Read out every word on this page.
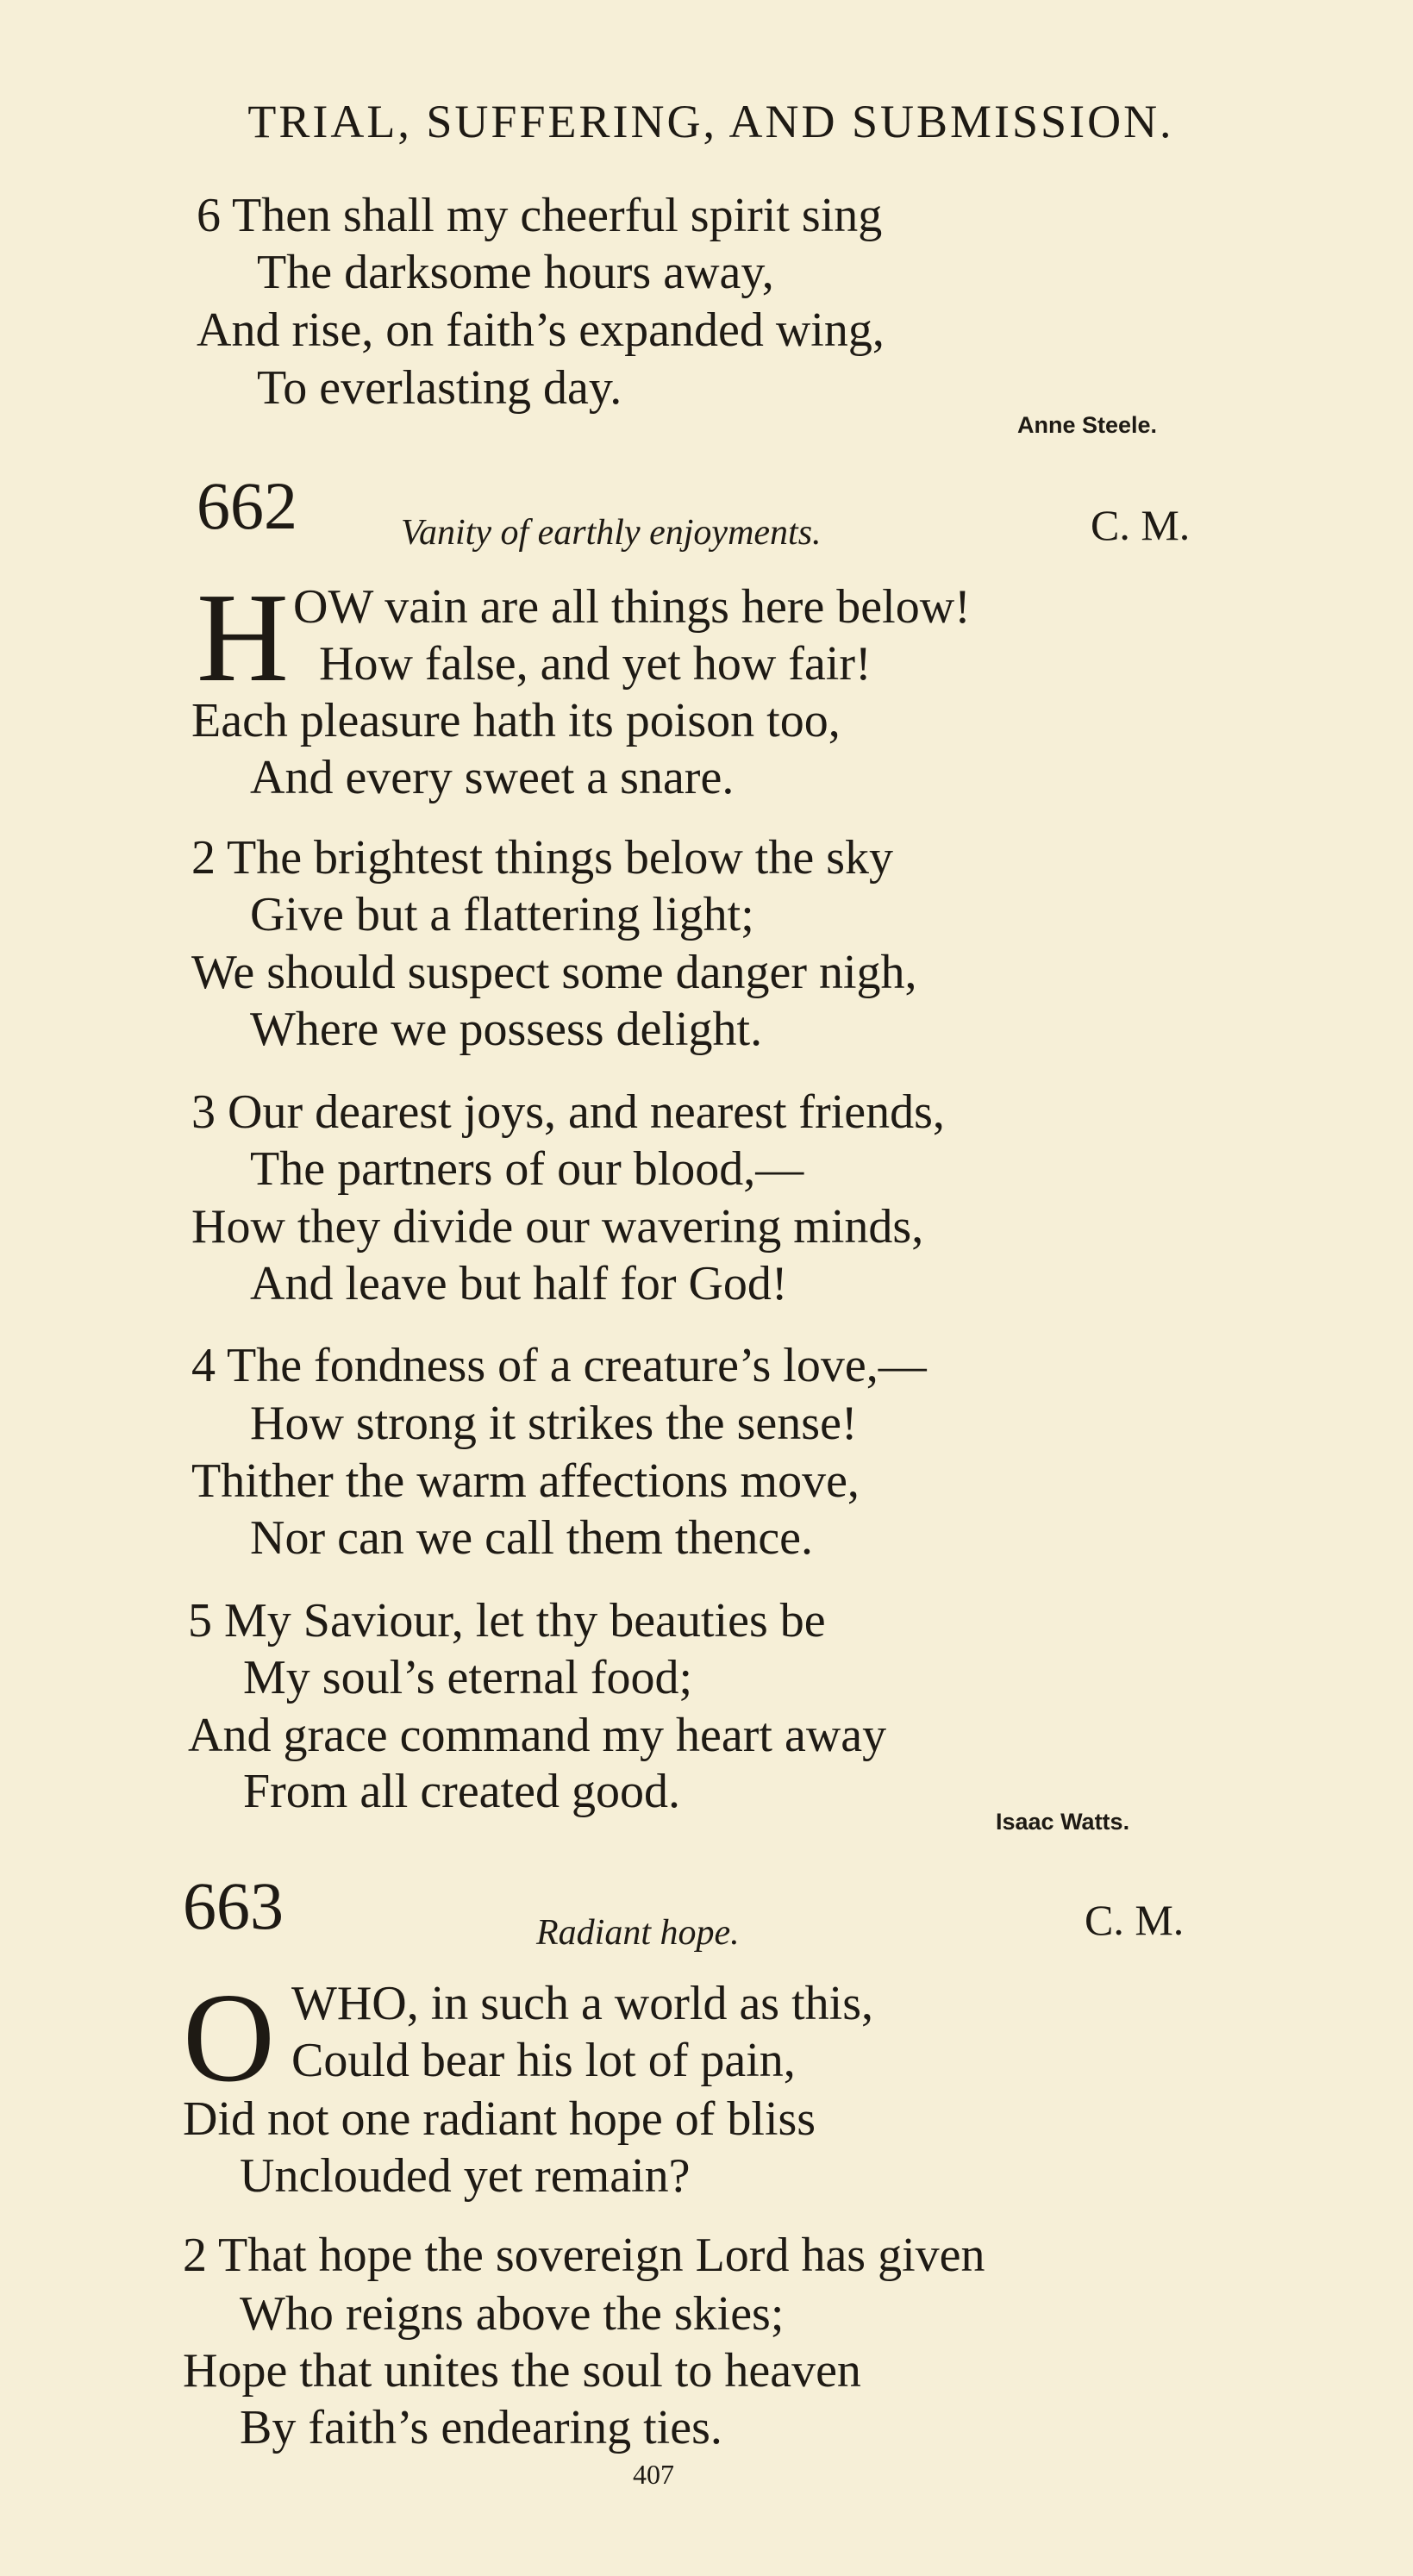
TRIAL, SUFFERING, AND SUBMISSION.
6 Then shall my cheerful spirit sing
The darksome hours away,
And rise, on faith’s expanded wing,
To everlasting day.
Anne Steele.
662	Vanity of earthly enjoyments.	C. M.
H OW vain are all things here below!
How false, and yet how fair!
Each pleasure hath its poison too,
And every sweet a snare.
2 The brightest things below the sky
Give but a flattering light;
We should suspect some danger nigh,
Where we possess delight.
3 Our dearest joys, and nearest friends,
The partners of our blood,—
How they divide our wavering minds,
And leave but half for God!
4 The fondness of a creature’s love,—
How strong it strikes the sense!
Thither the warm affections move,
Nor can we call them thence.
5 My Saviour, let thy beauties be
My soul’s eternal food;
And grace command my heart away
From all created good.
Isaac Watts.
663	Radiant hope.	C. M.
O WHO, in such a world as this,
Could bear his lot of pain,
Did not one radiant hope of bliss
Unclouded yet remain?
2 That hope the sovereign Lord has given
Who reigns above the skies;
Hope that unites the soul to heaven
By faith’s endearing ties.
407
